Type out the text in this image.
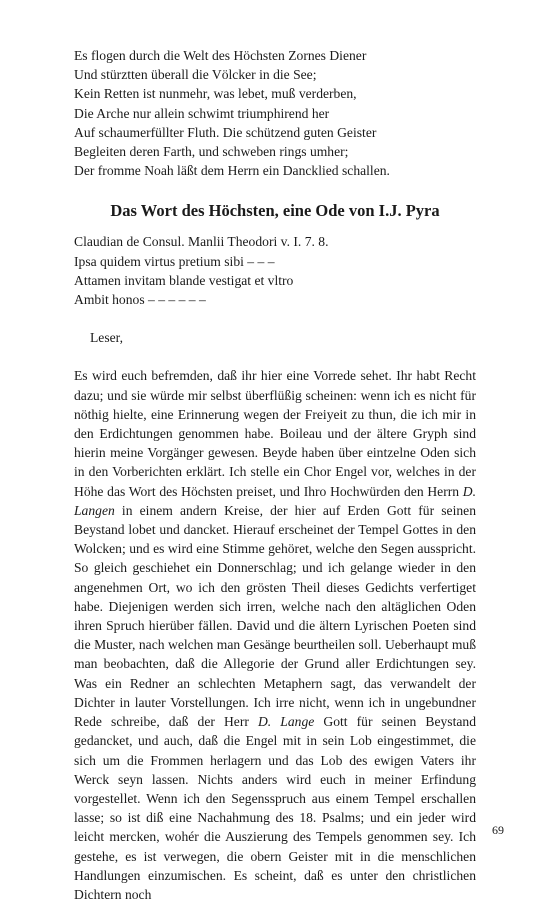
Es flogen durch die Welt des Höchsten Zornes Diener
Und stürztten überall die Völcker in die See;
Kein Retten ist nunmehr, was lebet, muß verderben,
Die Arche nur allein schwimt triumphirend her
Auf schaumerfüllter Fluth. Die schützend guten Geister
Begleiten deren Farth, und schweben rings umher;
Der fromme Noah läßt dem Herrn ein Dancklied schallen.
Das Wort des Höchsten, eine Ode von I.J. Pyra
Claudian de Consul. Manlii Theodori v. I. 7. 8.
Ipsa quidem virtus pretium sibi – – –
Attamen invitam blande vestigat et vltro
Ambit honos – – – – – –
Leser,
Es wird euch befremden, daß ihr hier eine Vorrede sehet. Ihr habt Recht dazu; und sie würde mir selbst überflüßig scheinen: wenn ich es nicht für nöthig hielte, eine Erinnerung wegen der Freiyeit zu thun, die ich mir in den Erdichtungen genommen habe. Boileau und der ältere Gryph sind hierin meine Vorgänger gewesen. Beyde haben über eintzelne Oden sich in den Vorberichten erklärt. Ich stelle ein Chor Engel vor, welches in der Höhe das Wort des Höchsten preiset, und Ihro Hochwürden den Herrn D. Langen in einem andern Kreise, der hier auf Erden Gott für seinen Beystand lobet und dancket. Hierauf erscheinet der Tempel Gottes in den Wolcken; und es wird eine Stimme gehöret, welche den Segen ausspricht. So gleich geschiehet ein Donnerschlag; und ich gelange wieder in den angenehmen Ort, wo ich den grösten Theil dieses Gedichts verfertiget habe. Diejenigen werden sich irren, welche nach den altäglichen Oden ihren Spruch hierüber fällen. David und die ältern Lyrischen Poeten sind die Muster, nach welchen man Gesänge beurtheilen soll. Ueberhaupt muß man beobachten, daß die Allegorie der Grund aller Erdichtungen sey. Was ein Redner an schlechten Metaphern sagt, das verwandelt der Dichter in lauter Vorstellungen. Ich irre nicht, wenn ich in ungebundner Rede schreibe, daß der Herr D. Lange Gott für seinen Beystand gedancket, und auch, daß die Engel mit in sein Lob eingestimmet, die sich um die Frommen herlagern und das Lob des ewigen Vaters ihr Werck seyn lassen. Nichts anders wird euch in meiner Erfindung vorgestellet. Wenn ich den Segensspruch aus einem Tempel erschallen lasse; so ist diß eine Nachahmung des 18. Psalms; und ein jeder wird leicht mercken, wohér die Auszierung des Tempels genommen sey. Ich gestehe, es ist verwegen, die obern Geister mit in die menschlichen Handlungen einzumischen. Es scheint, daß es unter den christlichen Dichtern noch
69
